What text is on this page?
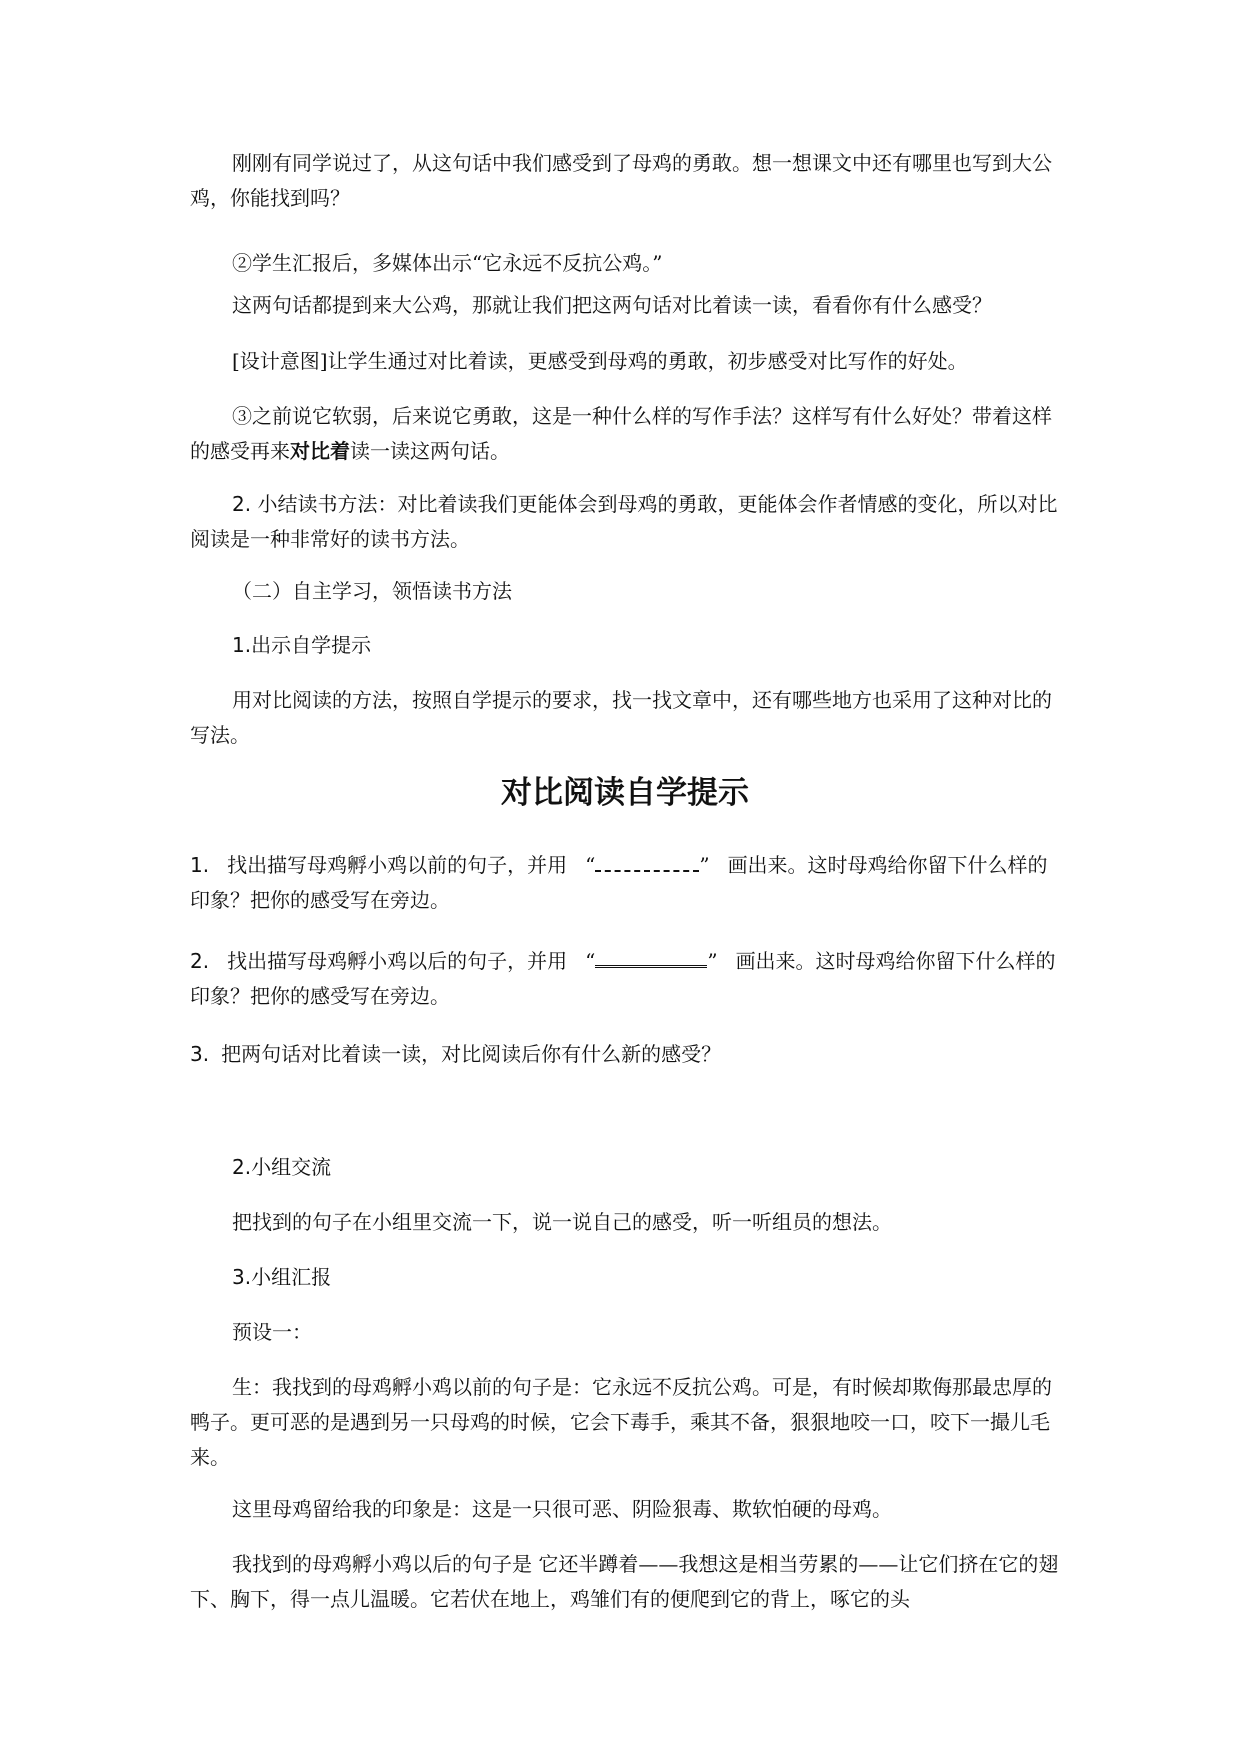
刚刚有同学说过了，从这句话中我们感受到了母鸡的勇敢。想一想课文中还有哪里也写到大公鸡，你能找到吗？

②学生汇报后，多媒体出示“它永远不反抗公鸡。”

这两句话都提到来大公鸡，那就让我们把这两句话对比着读一读，看看你有什么感受？

[设计意图]让学生通过对比着读，更感受到母鸡的勇敢，初步感受对比写作的好处。

③之前说它软弱，后来说它勇敢，这是一种什么样的写作手法？这样写有什么好处？带着这样的感受再来对比着读一读这两句话。

2. 小结读书方法：对比着读我们更能体会到母鸡的勇敢，更能体会作者情感的变化，所以对比阅读是一种非常好的读书方法。

（二）自主学习，领悟读书方法

1.出示自学提示

用对比阅读的方法，按照自学提示的要求，找一找文章中，还有哪些地方也采用了这种对比的写法。

对比阅读自学提示

1. 找出描写母鸡孵小鸡以前的句子，并用 “	” 画出来。这时母鸡给你留下什么样的印象？把你的感受写在旁边。

2. 找出描写母鸡孵小鸡以后的句子，并用 “	” 画出来。这时母鸡给你留下什么样的印象？把你的感受写在旁边。

3. 把两句话对比着读一读，对比阅读后你有什么新的感受？

2.小组交流

把找到的句子在小组里交流一下，说一说自己的感受，听一听组员的想法。

3.小组汇报

预设一：

生：我找到的母鸡孵小鸡以前的句子是：它永远不反抗公鸡。可是，有时候却欺侮那最忠厚的鸭子。更可恶的是遇到另一只母鸡的时候，它会下毒手，乘其不备，狠狠地咬一口，咬下一撮儿毛来。

这里母鸡留给我的印象是：这是一只很可恶、阴险狠毒、欺软怕硬的母鸡。

我找到的母鸡孵小鸡以后的句子是 它还半蹲着——我想这是相当劳累的——让它们挤在它的翅下、胸下，得一点儿温暖。它若伏在地上，鸡雏们有的便爬到它的背上，啄它的头
